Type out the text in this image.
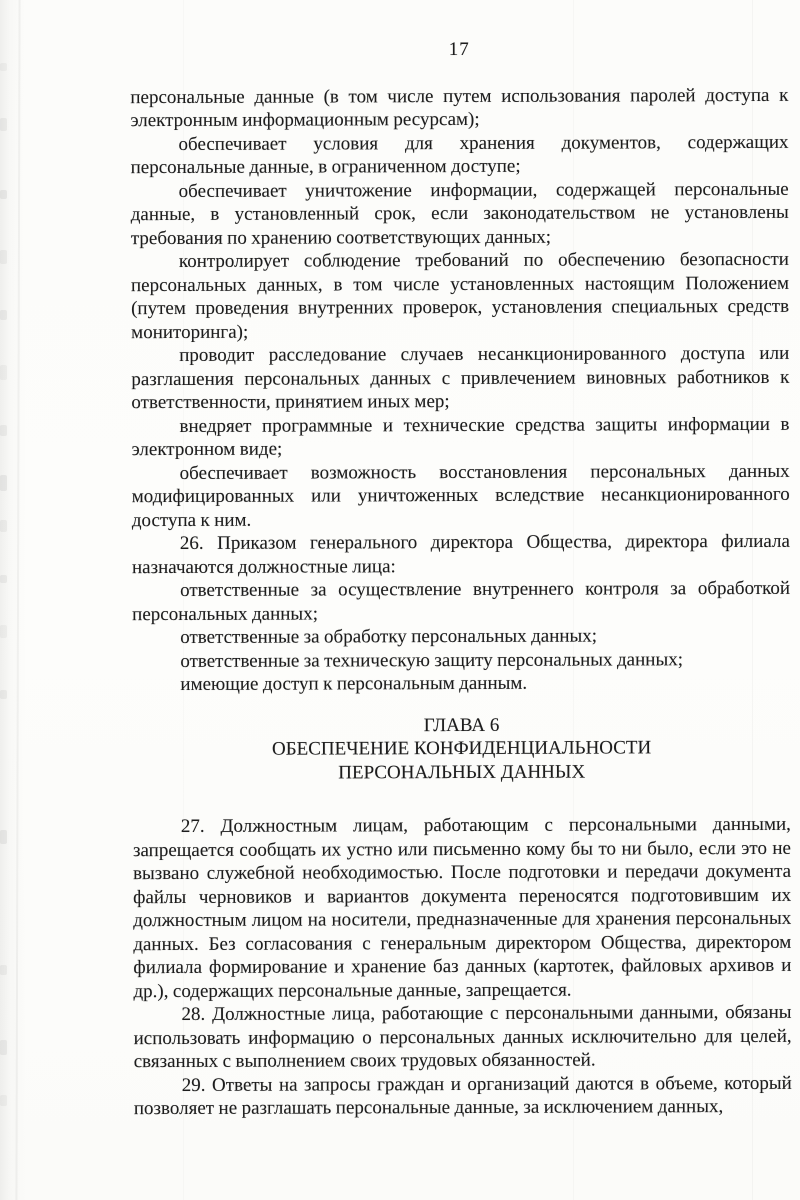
17

персональные данные (в том числе путем использования паролей доступа к электронным информационным ресурсам);

обеспечивает условия для хранения документов, содержащих персональные данные, в ограниченном доступе;

обеспечивает уничтожение информации, содержащей персональные данные, в установленный срок, если законодательством не установлены требования по хранению соответствующих данных;

контролирует соблюдение требований по обеспечению безопасности персональных данных, в том числе установленных настоящим Положением (путем проведения внутренних проверок, установления специальных средств мониторинга);

проводит расследование случаев несанкционированного доступа или разглашения персональных данных с привлечением виновных работников к ответственности, принятием иных мер;

внедряет программные и технические средства защиты информации в электронном виде;

обеспечивает возможность восстановления персональных данных модифицированных или уничтоженных вследствие несанкционированного доступа к ним.

26. Приказом генерального директора Общества, директора филиала назначаются должностные лица:

ответственные за осуществление внутреннего контроля за обработкой персональных данных;

ответственные за обработку персональных данных;

ответственные за техническую защиту персональных данных;

имеющие доступ к персональным данным.

ГЛАВА 6
ОБЕСПЕЧЕНИЕ КОНФИДЕНЦИАЛЬНОСТИ
ПЕРСОНАЛЬНЫХ ДАННЫХ

27. Должностным лицам, работающим с персональными данными, запрещается сообщать их устно или письменно кому бы то ни было, если это не вызвано служебной необходимостью. После подготовки и передачи документа файлы черновиков и вариантов документа переносятся подготовившим их должностным лицом на носители, предназначенные для хранения персональных данных. Без согласования с генеральным директором Общества, директором филиала формирование и хранение баз данных (картотек, файловых архивов и др.), содержащих персональные данные, запрещается.

28. Должностные лица, работающие с персональными данными, обязаны использовать информацию о персональных данных исключительно для целей, связанных с выполнением своих трудовых обязанностей.

29. Ответы на запросы граждан и организаций даются в объеме, который позволяет не разглашать персональные данные, за исключением данных,
